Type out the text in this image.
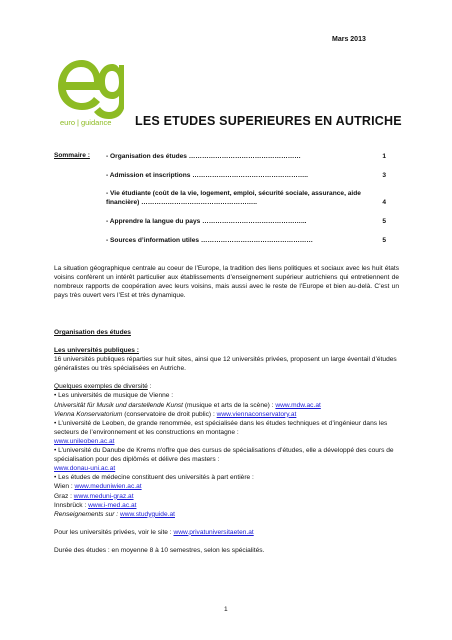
Mars 2013
euro | guidance LES ETUDES SUPERIEURES EN AUTRICHE
Sommaire : - Organisation des études ……………………………………………	1
- Admission et inscriptions ……………………………………………..	3
- Vie étudiante (coût de la vie, logement, emploi, sécurité sociale, assurance, aide financière) ……………………………………………..	4
- Apprendre la langue du pays ………………………………………...	5
- Sources d’information utiles ……………………………………………	5
La situation géographique centrale au coeur de l’Europe, la tradition des liens politiques et sociaux avec les huit états voisins confèrent un intérêt particulier aux établissements d’enseignement supérieur autrichiens qui entretiennent de nombreux rapports de coopération avec leurs voisins, mais aussi avec le reste de l’Europe et bien au-delà. C’est un pays très ouvert vers l’Est et très dynamique.
Organisation des études
Les universités publiques :
16 universités publiques réparties sur huit sites, ainsi que 12 universités privées, proposent un large éventail d’études généralistes ou très spécialisées en Autriche.
Quelques exemples de diversité :
• Les universités de musique de Vienne :
Universität für Musik und darstellende Kunst (musique et arts de la scène) : www.mdw.ac.at
Vienna Konservatorium (conservatoire de droit public) : www.viennaconservatory.at
• L’université de Leoben, de grande renommée, est spécialisée dans les études techniques et d’ingénieur dans les secteurs de l’environnement et les constructions en montagne :
www.unileoben.ac.at
• L’université du Danube de Krems n'offre que des cursus de spécialisations d’études, elle a développé des cours de spécialisation pour des diplômés et délivre des masters :
www.donau-uni.ac.at
• Les études de médecine constituent des universités à part entière :
Wien : www.meduniwien.ac.at
Graz : www.meduni-graz.at
Innsbrück : www.i-med.ac.at
Renseignements sur : www.studyguide.at
Pour les universités privées, voir le site : www.privatuniversitaeten.at
Durée des études : en moyenne 8 à 10 semestres, selon les spécialités.
1
